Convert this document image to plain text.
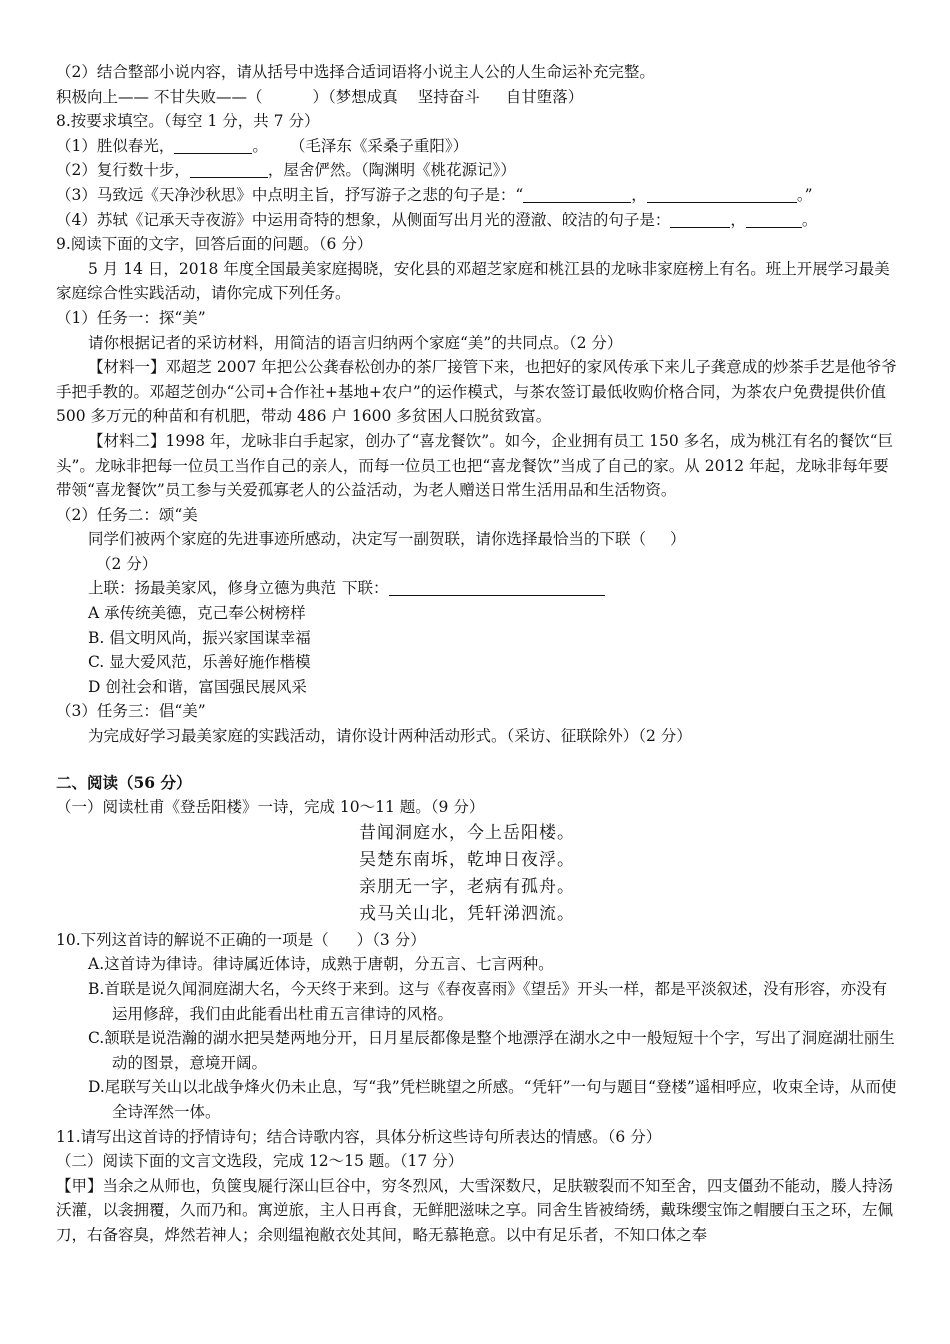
（2）结合整部小说内容，请从括号中选择合适词语将小说主人公的人生命运补充完整。

积极向上—— 不甘失败——（	）（梦想成真 坚持奋斗 自甘堕落）

8.按要求填空。（每空 1 分，共 7 分）

（1）胜似春光，	。 （毛泽东《采桑子重阳》）

（2）复行数十步，	，屋舍俨然。（陶渊明《桃花源记》）

（3）马致远《天净沙秋思》中点明主旨，抒写游子之悲的句子是：“	，	。”

（4）苏轼《记承天寺夜游》中运用奇特的想象，从侧面写出月光的澄澈、皎洁的句子是：	，	。

9.阅读下面的文字，回答后面的问题。（6 分）

5 月 14 日，2018 年度全国最美家庭揭晓，安化县的邓超芝家庭和桃江县的龙咏非家庭榜上有名。班上开展学习最美家庭综合性实践活动，请你完成下列任务。

（1）任务一：探“美”

请你根据记者的采访材料，用简洁的语言归纳两个家庭“美”的共同点。（2 分）

【材料一】邓超芝 2007 年把公公龚春松创办的茶厂接管下来，也把好的家风传承下来儿子龚意成的炒茶手艺是他爷爷手把手教的。邓超芝创办“公司+合作社+基地+农户”的运作模式，与茶农签订最低收购价格合同，为茶农户免费提供价值 500 多万元的种苗和有机肥，带动 486 户 1600 多贫困人口脱贫致富。

【材料二】1998 年，龙咏非白手起家，创办了“喜龙餐饮”。如今，企业拥有员工 150 多名，成为桃江有名的餐饮“巨头”。龙咏非把每一位员工当作自己的亲人，而每一位员工也把“喜龙餐饮”当成了自己的家。从 2012 年起，龙咏非每年要带领“喜龙餐饮”员工参与关爱孤寡老人的公益活动，为老人赠送日常生活用品和生活物资。

（2）任务二：颂“美

同学们被两个家庭的先进事迹所感动，决定写一副贺联，请你选择最恰当的下联（ ）

（2 分）

上联：扬最美家风，修身立德为典范 下联：

A 承传统美德，克己奉公树榜样

B. 倡文明风尚，振兴家国谋幸福

C. 显大爱风范，乐善好施作楷模

D 创社会和谐，富国强民展风采

（3）任务三：倡“美”

为完成好学习最美家庭的实践活动，请你设计两种活动形式。（采访、征联除外）（2 分）

二、阅读（56 分）

（一）阅读杜甫《登岳阳楼》一诗，完成 10～11 题。（9 分）

昔闻洞庭水，今上岳阳楼。

吴楚东南坼，乾坤日夜浮。

亲朋无一字，老病有孤舟。

戎马关山北，凭轩涕泗流。

10.下列这首诗的解说不正确的一项是（ ）（3 分）

A.这首诗为律诗。律诗属近体诗，成熟于唐朝，分五言、七言两种。

B.首联是说久闻洞庭湖大名，今天终于来到。这与《春夜喜雨》《望岳》开头一样，都是平淡叙述，没有形容，亦没有运用修辞，我们由此能看出杜甫五言律诗的风格。

C.颔联是说浩瀚的湖水把吴楚两地分开，日月星辰都像是整个地漂浮在湖水之中一般短短十个字，写出了洞庭湖壮丽生动的图景，意境开阔。

D.尾联写关山以北战争烽火仍未止息，写“我”凭栏眺望之所感。“凭轩”一句与题目“登楼”遥相呼应，收束全诗，从而使全诗浑然一体。

11.请写出这首诗的抒情诗句；结合诗歌内容，具体分析这些诗句所表达的情感。（6 分）

（二）阅读下面的文言文选段，完成 12～15 题。（17 分）

【甲】当余之从师也，负箧曳屣行深山巨谷中，穷冬烈风，大雪深数尺，足肤皲裂而不知至舍，四支僵劲不能动，媵人持汤沃灌，以衾拥覆，久而乃和。寓逆旅，主人日再食，无鲜肥滋味之享。同舍生皆被绮绣，戴珠缨宝饰之帽腰白玉之环，左佩刀，右备容臭，烨然若神人；余则缊袍敝衣处其间，略无慕艳意。以中有足乐者，不知口体之奉
